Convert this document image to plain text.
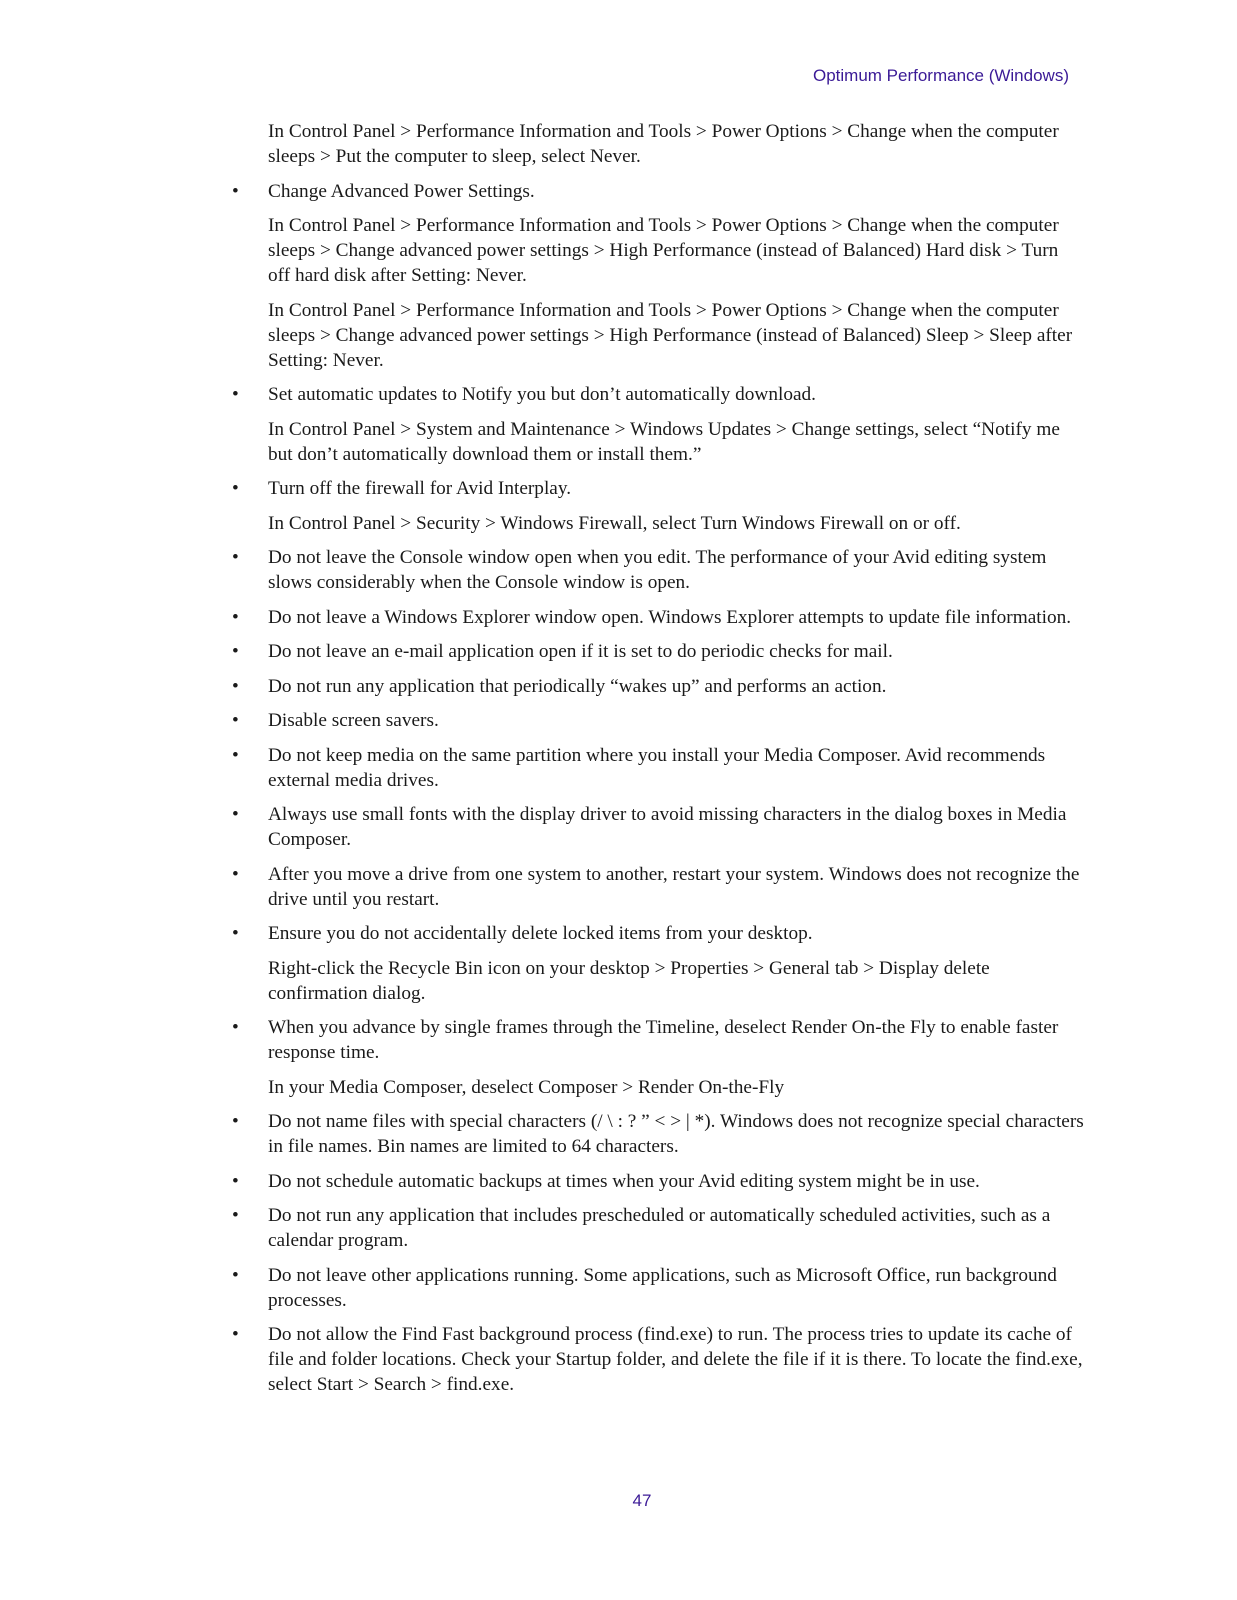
Optimum Performance (Windows)

In Control Panel > Performance Information and Tools > Power Options > Change when the computer sleeps > Put the computer to sleep, select Never.

•	Change Advanced Power Settings.

In Control Panel > Performance Information and Tools > Power Options > Change when the computer sleeps > Change advanced power settings > High Performance (instead of Balanced) Hard disk > Turn off hard disk after Setting: Never.

In Control Panel > Performance Information and Tools > Power Options > Change when the computer sleeps > Change advanced power settings > High Performance (instead of Balanced) Sleep > Sleep after Setting: Never.

•	Set automatic updates to Notify you but don’t automatically download.

In Control Panel > System and Maintenance > Windows Updates > Change settings, select “Notify me but don’t automatically download them or install them.”

•	Turn off the firewall for Avid Interplay.

In Control Panel > Security > Windows Firewall, select Turn Windows Firewall on or off.

•	Do not leave the Console window open when you edit. The performance of your Avid editing system slows considerably when the Console window is open.
•	Do not leave a Windows Explorer window open. Windows Explorer attempts to update file information.
•	Do not leave an e-mail application open if it is set to do periodic checks for mail.
•	Do not run any application that periodically “wakes up” and performs an action.
•	Disable screen savers.
•	Do not keep media on the same partition where you install your Media Composer. Avid recommends external media drives.
•	Always use small fonts with the display driver to avoid missing characters in the dialog boxes in Media Composer.
•	After you move a drive from one system to another, restart your system. Windows does not recognize the drive until you restart.
•	Ensure you do not accidentally delete locked items from your desktop.

Right-click the Recycle Bin icon on your desktop > Properties > General tab > Display delete confirmation dialog.

•	When you advance by single frames through the Timeline, deselect Render On-the Fly to enable faster response time.

In your Media Composer, deselect Composer > Render On-the-Fly

•	Do not name files with special characters (/ \ : ? ” < > | *). Windows does not recognize special characters in file names. Bin names are limited to 64 characters.
•	Do not schedule automatic backups at times when your Avid editing system might be in use.
•	Do not run any application that includes prescheduled or automatically scheduled activities, such as a calendar program.
•	Do not leave other applications running. Some applications, such as Microsoft Office, run background processes.
•	Do not allow the Find Fast background process (find.exe) to run. The process tries to update its cache of file and folder locations. Check your Startup folder, and delete the file if it is there. To locate the find.exe, select Start > Search > find.exe.
47
